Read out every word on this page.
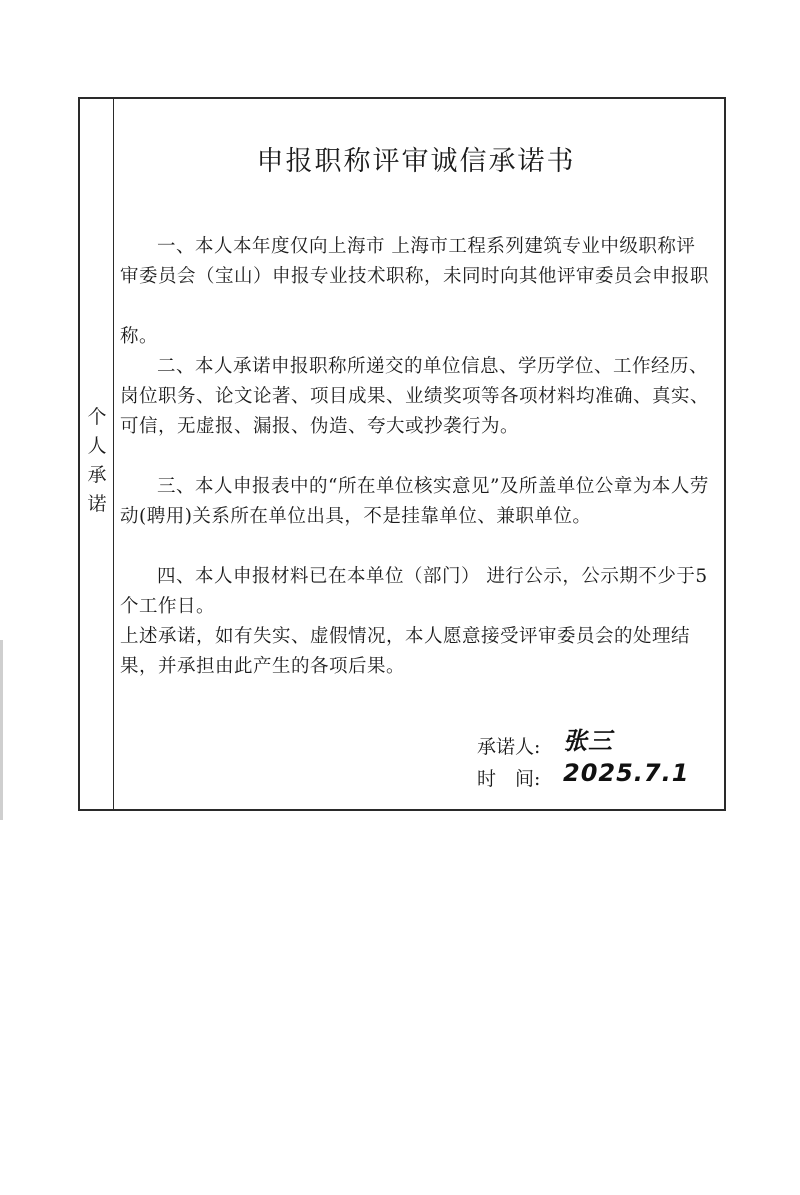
个
人
承
诺
申报职称评审诚信承诺书
一、本人本年度仅向上海市 上海市工程系列建筑专业中级职称评审委员会（宝山）申报专业技术职称，未同时向其他评审委员会申报职
称。
二、本人承诺申报职称所递交的单位信息、学历学位、工作经历、岗位职务、论文论著、项目成果、业绩奖项等各项材料均准确、真实、可信，无虚报、漏报、伪造、夸大或抄袭行为。
三、本人申报表中的“所在单位核实意见”及所盖单位公章为本人劳动(聘用)关系所在单位出具，不是挂靠单位、兼职单位。
四、本人申报材料已在本单位（部门） 进行公示，公示期不少于5个工作日。
上述承诺，如有失实、虚假情况，本人愿意接受评审委员会的处理结果，并承担由此产生的各项后果。
承诺人: 张三
时　间: 2025.7.1
